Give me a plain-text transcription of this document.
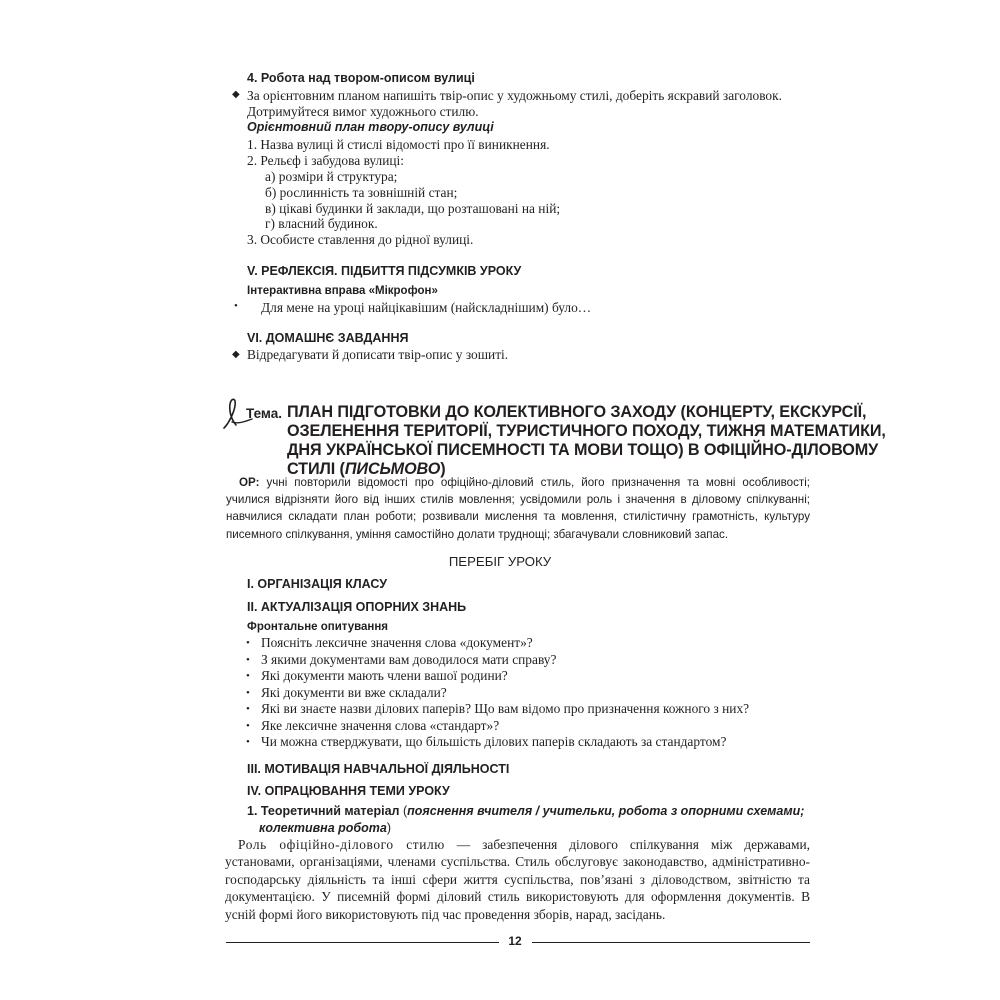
4. Робота над твором-описом вулиці
◆ За орієнтовним планом напишіть твір-опис у художньому стилі, доберіть яскравий заголовок.
Дотримуйтеся вимог художнього стилю.
Орієнтовний план твору-опису вулиці
1. Назва вулиці й стислі відомості про її виникнення.
2. Рельєф і забудова вулиці:
а) розміри й структура;
б) рослинність та зовнішній стан;
в) цікаві будинки й заклади, що розташовані на ній;
г) власний будинок.
3. Особисте ставлення до рідної вулиці.
V. РЕФЛЕКСІЯ. ПІДБИТТЯ ПІДСУМКІВ УРОКУ
Інтерактивна вправа «Мікрофон»
• Для мене на уроці найцікавішим (найскладнішим) було…
VI. ДОМАШНЄ ЗАВДАННЯ
◆ Відредагувати й дописати твір-опис у зошиті.
Тема. ПЛАН ПІДГОТОВКИ ДО КОЛЕКТИВНОГО ЗАХОДУ (КОНЦЕРТУ, ЕКСКУРСІЇ,
ОЗЕЛЕНЕННЯ ТЕРИТОРІЇ, ТУРИСТИЧНОГО ПОХОДУ, ТИЖНЯ МАТЕМАТИКИ,
ДНЯ УКРАЇНСЬКОЇ ПИСЕМНОСТІ ТА МОВИ ТОЩО) В ОФІЦІЙНО-ДІЛОВОМУ
СТИЛІ (ПИСЬМОВО)

ОР: учні повторили відомості про офіційно-діловий стиль, його призначення та мовні особливості; училися відрізняти його від інших стилів мовлення; усвідомили роль і значення в діловому спілкуванні; навчилися складати план роботи; розвивали мислення та мовлення, стилістичну грамотність, культуру писемного спілкування, уміння самостійно долати труднощі; збагачували словниковий запас.

ПЕРЕБІГ УРОКУ
I. ОРГАНІЗАЦІЯ КЛАСУ
II. АКТУАЛІЗАЦІЯ ОПОРНИХ ЗНАНЬ
Фронтальне опитування
• Поясніть лексичне значення слова «документ»?
• З якими документами вам доводилося мати справу?
• Які документи мають члени вашої родини?
• Які документи ви вже складали?
• Які ви знаєте назви ділових паперів? Що вам відомо про призначення кожного з них?
• Яке лексичне значення слова «стандарт»?
• Чи можна стверджувати, що більшість ділових паперів складають за стандартом?
III. МОТИВАЦІЯ НАВЧАЛЬНОЇ ДІЯЛЬНОСТІ
IV. ОПРАЦЮВАННЯ ТЕМИ УРОКУ
1. Теоретичний матеріал (пояснення вчителя / учительки, робота з опорними схемами;
колективна робота)

Роль офіційно-ділового стилю — забезпечення ділового спілкування між державами, установами, організаціями, членами суспільства. Стиль обслуговує законодавство, адміністративно-господарську діяльність та інші сфери життя суспільства, пов’язані з діловодством, звітністю та документацією. У писемній формі діловий стиль використовують для оформлення документів. В усній формі його використовують під час проведення зборів, нарад, засідань.

12
